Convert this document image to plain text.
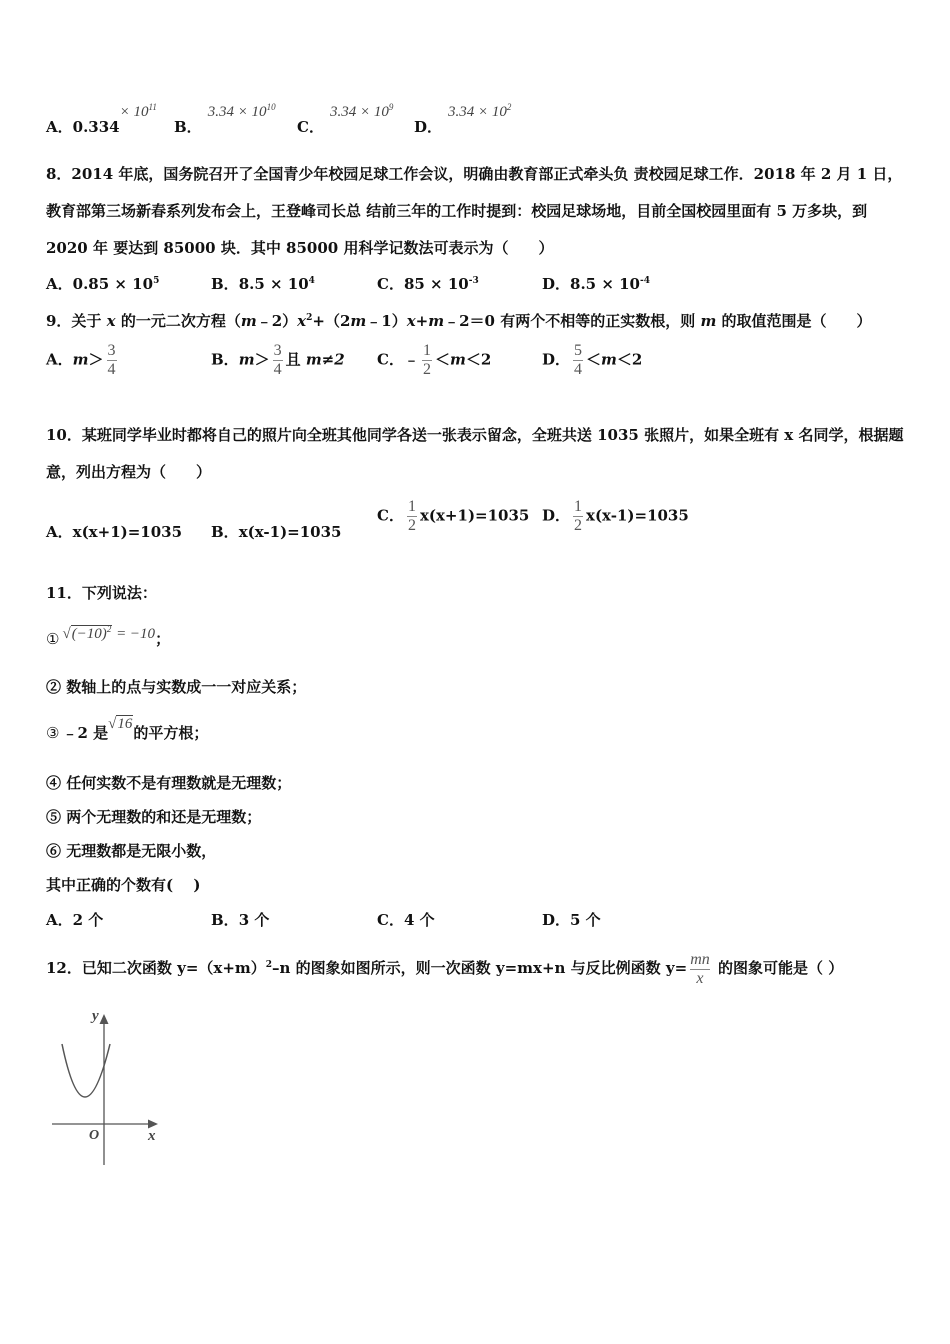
A．$0.334\times 10^{11}$
B．$3.34 \times 10^{10}$
C．$3.34 \times 10^9$
D．$3.34 \times 10^2$
8．2014 年底，国务院召开了全国青少年校园足球工作会议，明确由教育部正式牵头负 责校园足球工作．2018 年 2 月 1 日，教育部第三场新春系列发布会上，王登峰司长总 结前三年的工作时提到：校园足球场地，目前全国校园里面有 5 万多块，到 2020 年 要达到 85000 块．其中 85000 用科学记数法可表示为（　　）
A．$0.85 \times 10^5$	B．$8.5 \times 10^4$	C．$85 \times 10^{-3}$	D．$8.5 \times 10^{-4}$
9．关于 x 的一元二次方程$(m﹣2)x^2+(2m﹣1)x+m﹣2=0$ 有两个不相等的正实数根，则 m 的取值范围是（　　）
A．$m> \frac{3}{4}$	B．$m> \frac{3}{4}$ 且 m≠2 C．﹣ $\frac{1}{2} <m<2$	D． $\frac{5}{4} <m<2$
10．某班同学毕业时都将自己的照片向全班其他同学各送一张表示留念，全班共送 1035 张照片，如果全班有 x 名同学，根据题意，列出方程为（　　）
A．x(x+1)=1035 B．x(x-1)=1035
C． $\frac{1}{2} x(x+1)=1035$ D． $\frac{1}{2} x(x-1)=1035$
11．下列说法：
① $√(-10)^2 = -10$；
② 数轴上的点与实数成一一对应关系；
③ ﹣2 是√16的平方根；
④ 任何实数不是有理数就是无理数；
⑤ 两个无理数的和还是无理数；
⑥ 无理数都是无限小数，
其中正确的个数有(　 )
A．2 个	B．3 个	C．4 个	D．5 个
12．已知二次函数 $y=(x+m)^2-n$ 的图象如图所示，则一次函数 y=mx+n 与反比例函数 $y= \frac{mn}{x}$ 的图象可能是（ ）
y
x
O
